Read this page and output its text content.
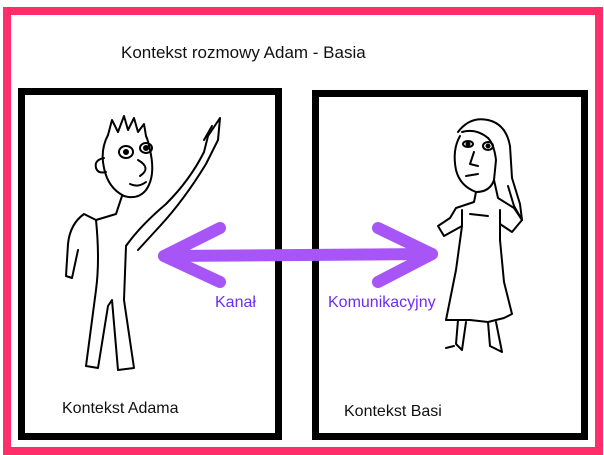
Kontekst rozmowy Adam - Basia
Kanał	Komunikacyjny
Kontekst Adama	Kontekst Basi
